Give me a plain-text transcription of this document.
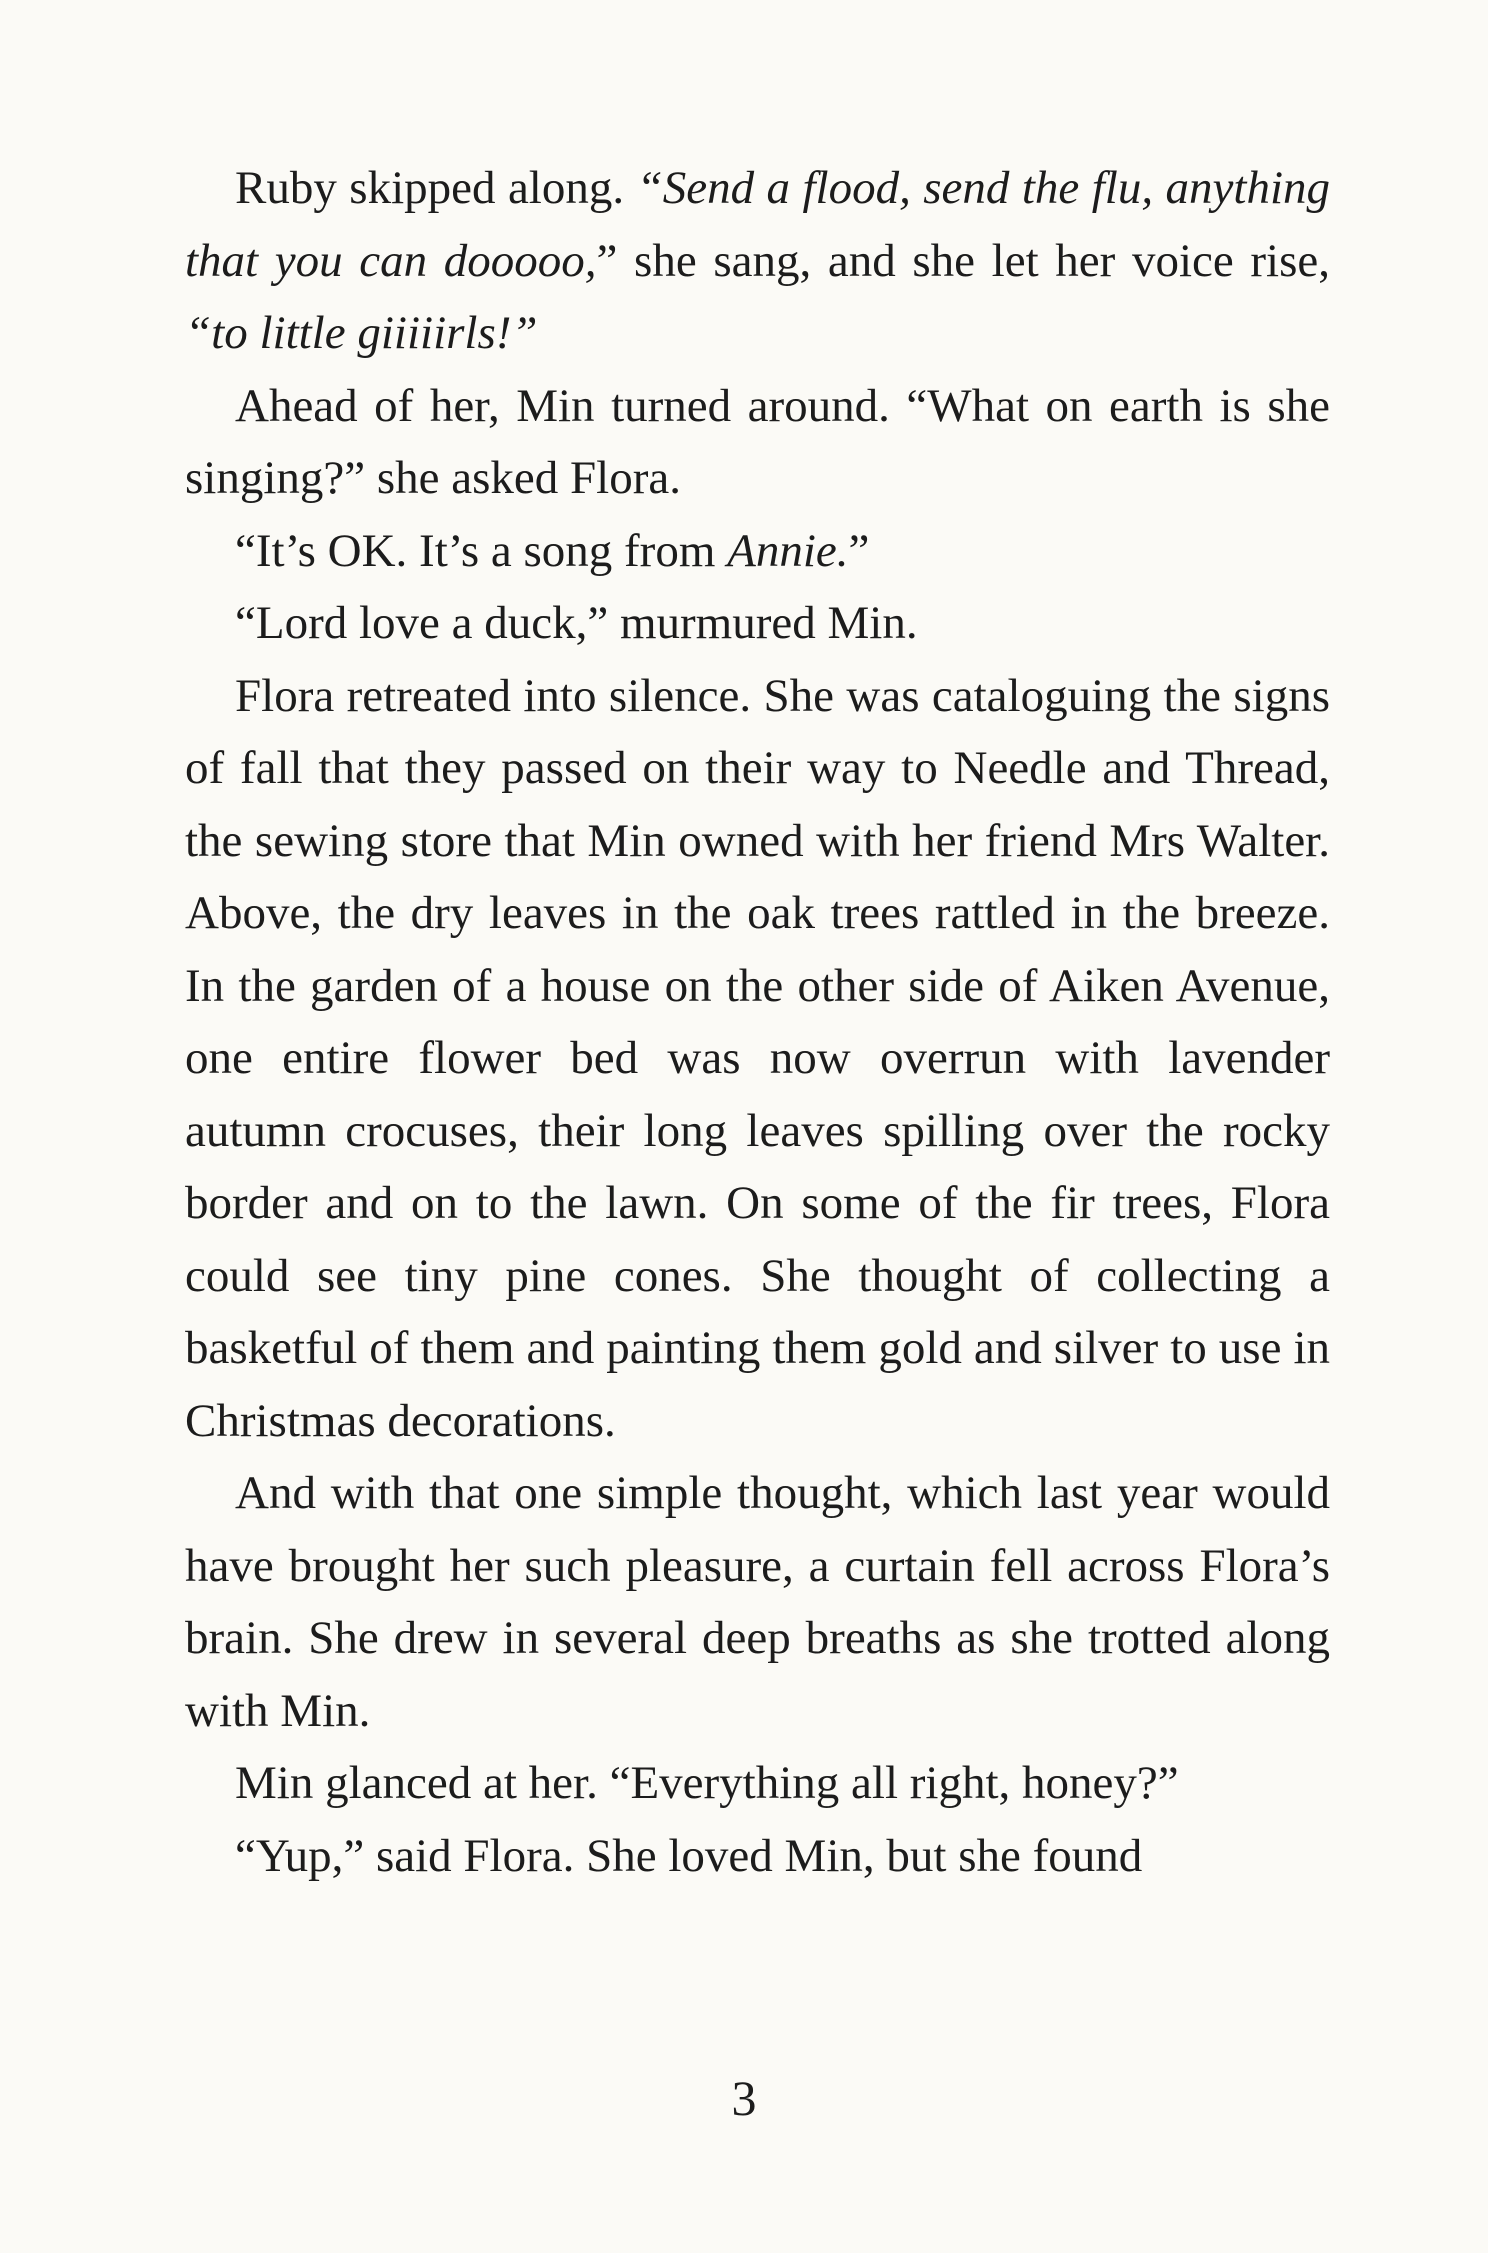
Ruby skipped along. “Send a flood, send the flu, anything that you can dooooo,” she sang, and she let her voice rise, “to little giiiiirls!”

Ahead of her, Min turned around. “What on earth is she singing?” she asked Flora.

“It’s OK. It’s a song from Annie.”

“Lord love a duck,” murmured Min.

Flora retreated into silence. She was cataloguing the signs of fall that they passed on their way to Needle and Thread, the sewing store that Min owned with her friend Mrs Walter. Above, the dry leaves in the oak trees rattled in the breeze. In the garden of a house on the other side of Aiken Avenue, one entire flower bed was now overrun with lavender autumn crocuses, their long leaves spilling over the rocky border and on to the lawn. On some of the fir trees, Flora could see tiny pine cones. She thought of collecting a basketful of them and painting them gold and silver to use in Christmas decorations.

And with that one simple thought, which last year would have brought her such pleasure, a curtain fell across Flora’s brain. She drew in several deep breaths as she trotted along with Min.

Min glanced at her. “Everything all right, honey?”

“Yup,” said Flora. She loved Min, but she found

3
